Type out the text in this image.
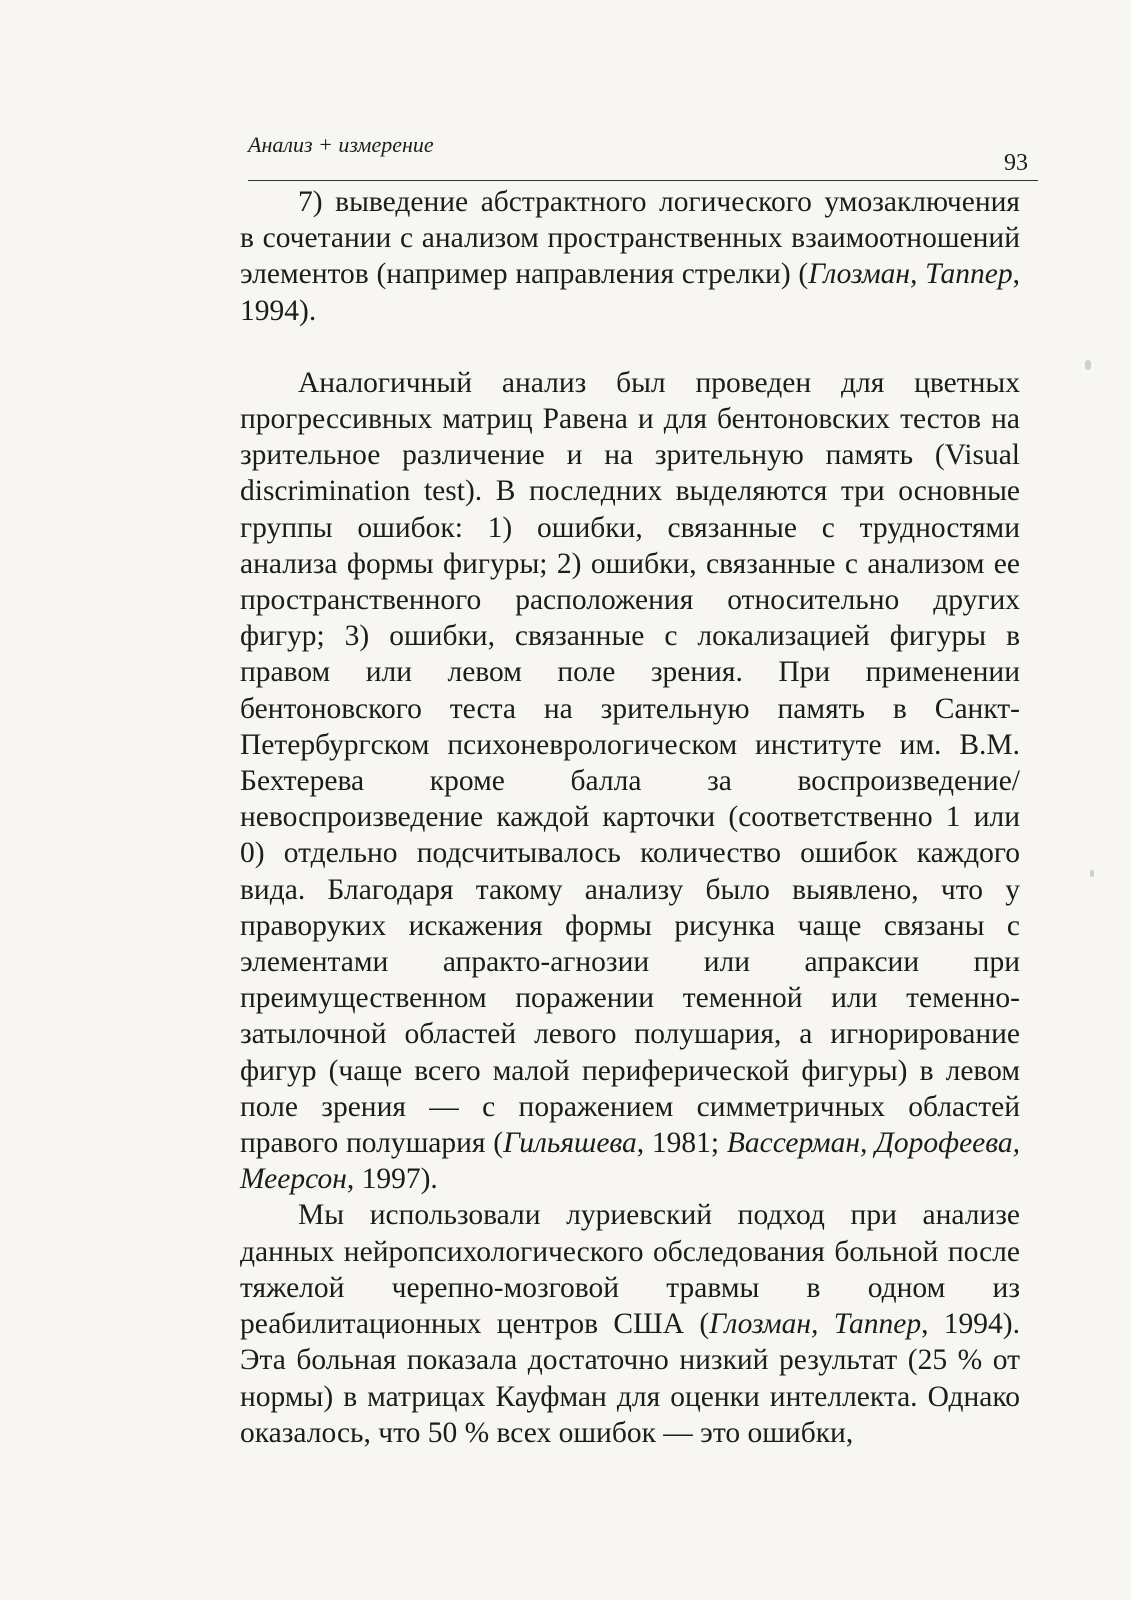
Анализ + измерение
93

7) выведение абстрактного логического умозаключения в сочетании с анализом пространственных взаимоотношений элементов (например направления стрелки) (Глозман, Таппер, 1994).

Аналогичный анализ был проведен для цветных прогрессивных матриц Равена и для бентоновских тестов на зрительное различение и на зрительную память (Visual discrimination test). В последних выделяются три основные группы ошибок: 1) ошибки, связанные с трудностями анализа формы фигуры; 2) ошибки, связанные с анализом ее пространственного расположения относительно других фигур; 3) ошибки, связанные с локализацией фигуры в правом или левом поле зрения. При применении бентоновского теста на зрительную память в Санкт-Петербургском психоневрологическом институте им. В.М. Бехтерева кроме балла за воспроизведение/невоспроизведение каждой карточки (соответственно 1 или 0) отдельно подсчитывалось количество ошибок каждого вида. Благодаря такому анализу было выявлено, что у праворуких искажения формы рисунка чаще связаны с элементами апракто-агнозии или апраксии при преимущественном поражении теменной или теменно-затылочной областей левого полушария, а игнорирование фигур (чаще всего малой периферической фигуры) в левом поле зрения — с поражением симметричных областей правого полушария (Гильяшева, 1981; Вассерман, Дорофеева, Меерсон, 1997).

Мы использовали луриевский подход при анализе данных нейропсихологического обследования больной после тяжелой черепно-мозговой травмы в одном из реабилитационных центров США (Глозман, Таппер, 1994). Эта больная показала достаточно низкий результат (25 % от нормы) в матрицах Кауфман для оценки интеллекта. Однако оказалось, что 50 % всех ошибок — это ошибки,
